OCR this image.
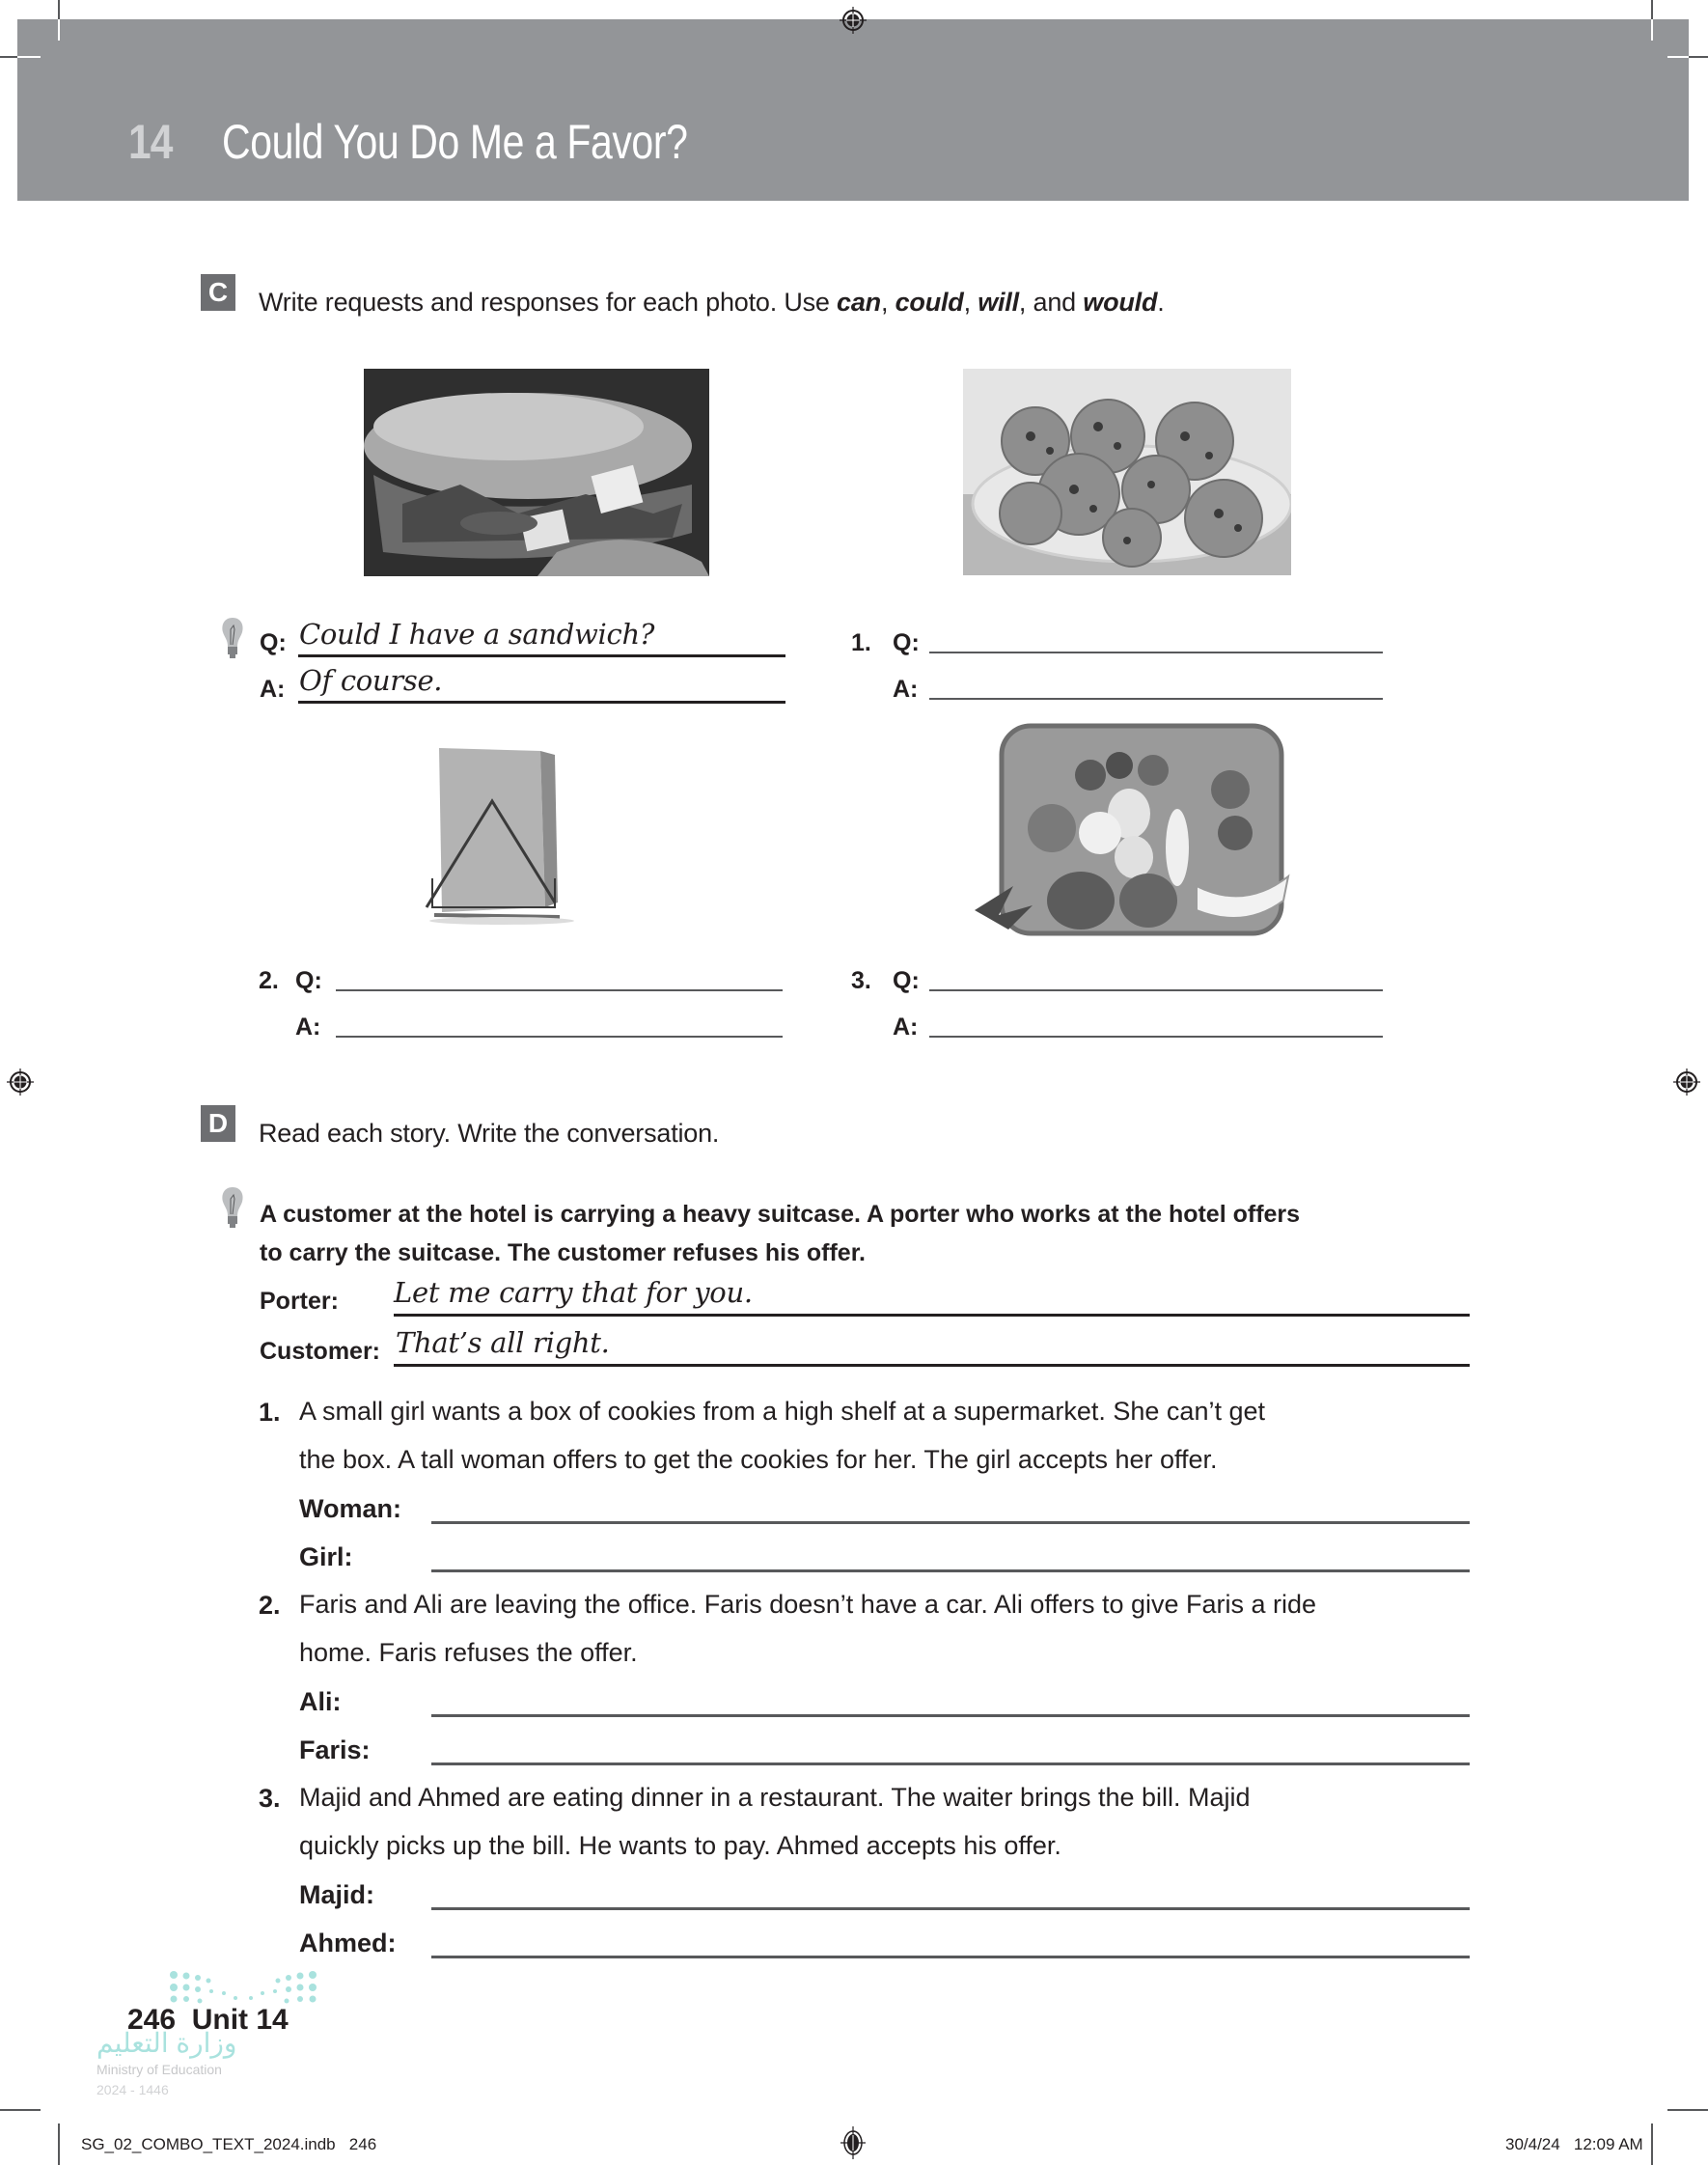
14 Could You Do Me a Favor?
C Write requests and responses for each photo. Use can, could, will, and would.
Q: Could I have a sandwich?
A: Of course.
1. Q:
A:
2. Q:
A:
3. Q:
A:
D Read each story. Write the conversation.
A customer at the hotel is carrying a heavy suitcase. A porter who works at the hotel offers
to carry the suitcase. The customer refuses his offer.
Porter: Let me carry that for you.
Customer: That’s all right.
1. A small girl wants a box of cookies from a high shelf at a supermarket. She can’t get
the box. A tall woman offers to get the cookies for her. The girl accepts her offer.
Woman:
Girl:
2. Faris and Ali are leaving the office. Faris doesn’t have a car. Ali offers to give Faris a ride
home. Faris refuses the offer.
Ali:
Faris:
3. Majid and Ahmed are eating dinner in a restaurant. The waiter brings the bill. Majid
quickly picks up the bill. He wants to pay. Ahmed accepts his offer.
Majid:
Ahmed:
246  Unit 14
وزارة التعليم
Ministry of Education
2024 - 1446
SG_02_COMBO_TEXT_2024.indb   246	30/4/24   12:09 AM
